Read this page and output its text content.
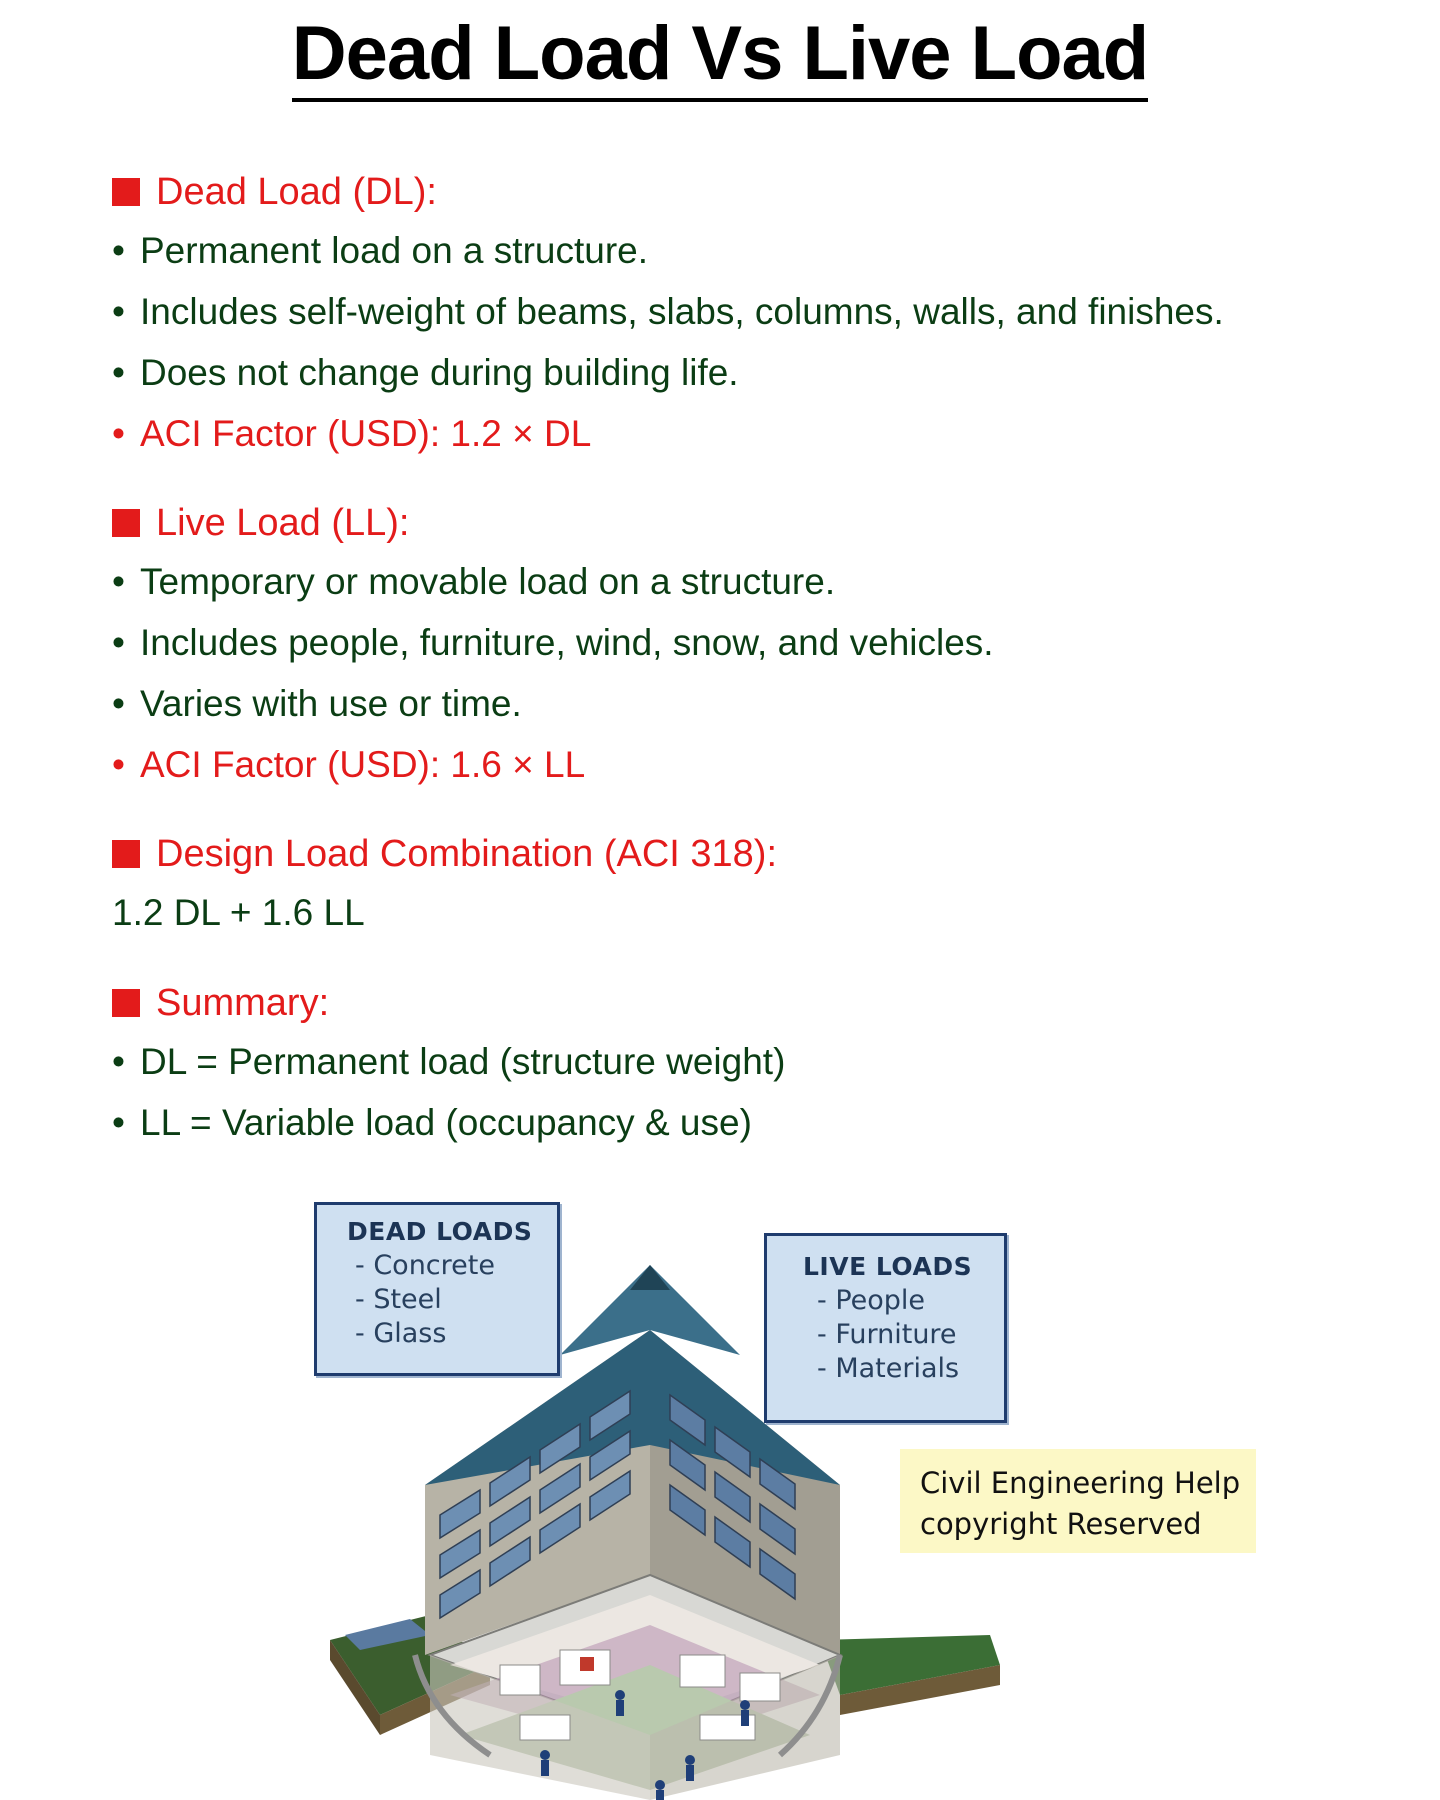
Dead Load Vs Live Load
Dead Load (DL):
• Permanent load on a structure.
• Includes self-weight of beams, slabs, columns, walls, and finishes.
• Does not change during building life.
• ACI Factor (USD): 1.2 × DL
Live Load (LL):
• Temporary or movable load on a structure.
• Includes people, furniture, wind, snow, and vehicles.
• Varies with use or time.
• ACI Factor (USD): 1.6 × LL
Design Load Combination (ACI 318):
1.2 DL + 1.6 LL
Summary:
• DL = Permanent load (structure weight)
• LL = Variable load (occupancy & use)
DEAD LOADS
- Concrete
- Steel
- Glass
LIVE LOADS
- People
- Furniture
- Materials
Civil Engineering Help
copyright Reserved
